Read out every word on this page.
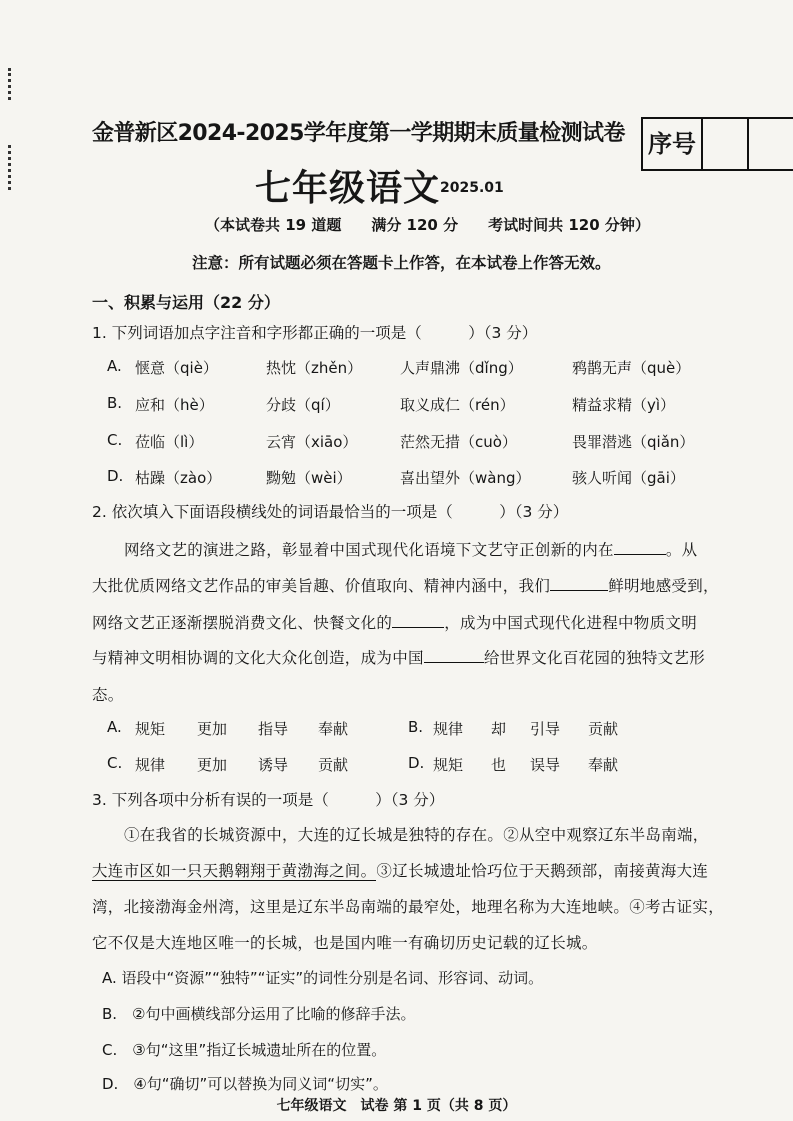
金普新区2024-2025学年度第一学期期末质量检测试卷 序号
七年级语文 2025.01
（本试卷共 19 道题 满分 120 分 考试时间共 120 分钟）
注意：所有试题必须在答题卡上作答，在本试卷上作答无效。
一、积累与运用（22 分）
1. 下列词语加点字注音和字形都正确的一项是（　　　）（3 分）
A. 惬意（qiè）	热忱（zhěn）	人声鼎沸（dǐng）	鸦鹊无声（què）
B. 应和（hè）	分歧（qí）	取义成仁（rén）	精益求精（yì）
C. 莅临（lì）	云宵（xiāo）	茫然无措（cuò）	畏罪潜逃（qiǎn）
D. 枯躁（zào）	黝勉（wèi）	喜出望外（wàng）	骇人听闻（gāi）
2. 依次填入下面语段横线处的词语最恰当的一项是（　　　）（3 分）
网络文艺的演进之路，彰显着中国式现代化语境下文艺守正创新的内在	。从
大批优质网络文艺作品的审美旨趣、价值取向、精神内涵中，我们	鲜明地感受到，
网络文艺正逐渐摆脱消费文化、快餐文化的	，成为中国式现代化进程中物质文明
与精神文明相协调的文化大众化创造，成为中国	给世界文化百花园的独特文艺形
态。
A. 规矩 更加 指导 奉献	B. 规律 却 引导 贡献
C. 规律 更加 诱导 贡献	D. 规矩 也 误导 奉献
3. 下列各项中分析有误的一项是（　　　）（3 分）
①在我省的长城资源中，大连的辽长城是独特的存在。②从空中观察辽东半岛南端，
大连市区如一只天鹅翱翔于黄渤海之间。③辽长城遗址恰巧位于天鹅颈部，南接黄海大连
湾，北接渤海金州湾，这里是辽东半岛南端的最窄处，地理名称为大连地峡。④考古证实，
它不仅是大连地区唯一的长城，也是国内唯一有确切历史记载的辽长城。
A. 语段中“资源”“独特”“证实”的词性分别是名词、形容词、动词。
B.　②句中画横线部分运用了比喻的修辞手法。
C.　③句“这里”指辽长城遗址所在的位置。
D.　④句“确切”可以替换为同义词“切实”。
七年级语文　试卷 第 1 页（共 8 页）
